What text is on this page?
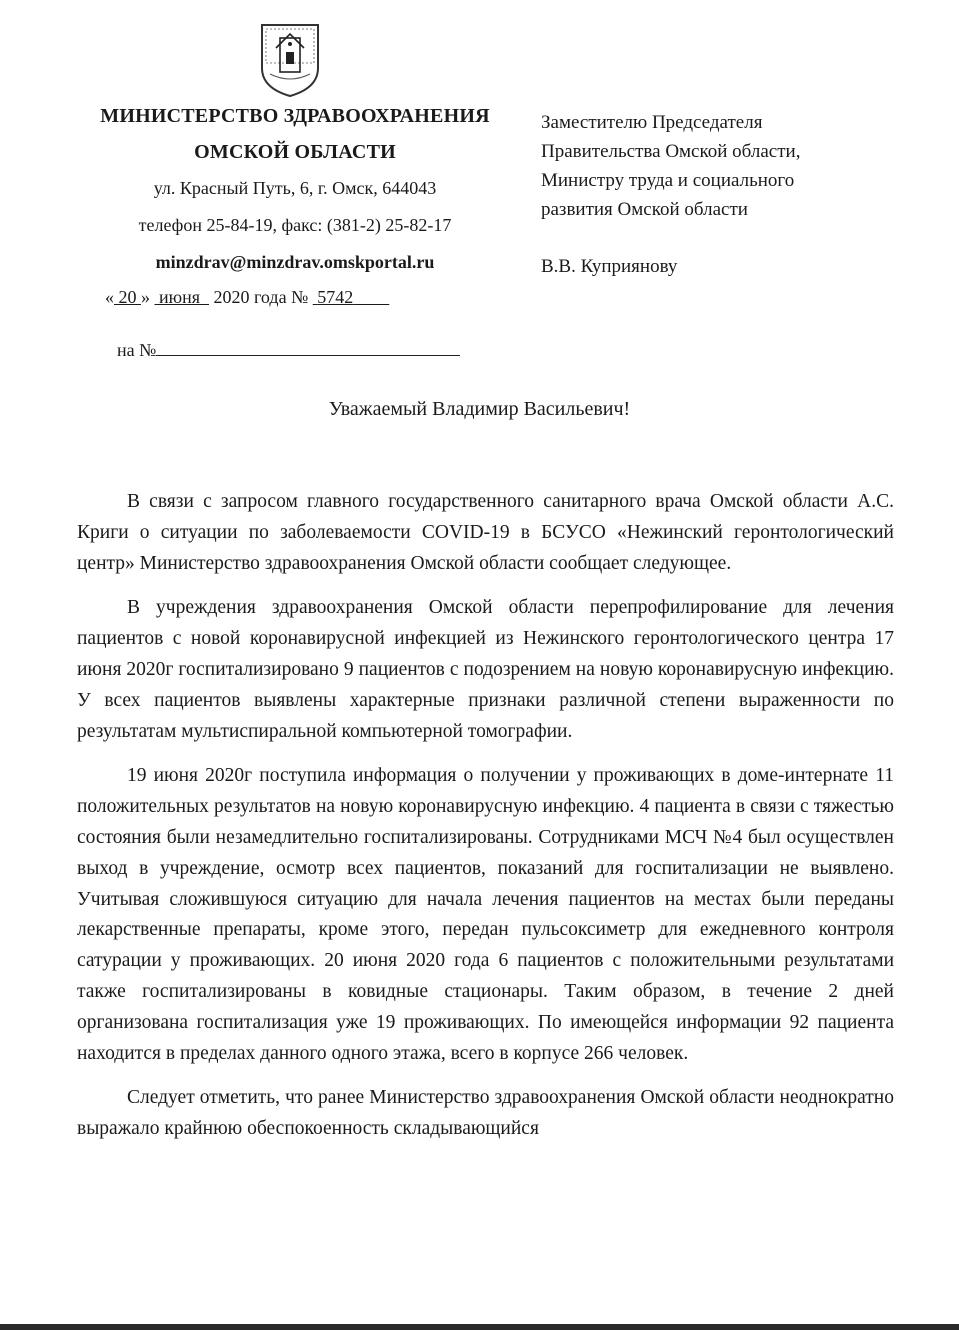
МИНИСТЕРСТВО ЗДРАВООХРАНЕНИЯ
ОМСКОЙ ОБЛАСТИ
ул. Красный Путь, 6, г. Омск, 644043
телефон 25-84-19, факс: (381-2) 25-82-17
minzdrav@minzdrav.omskportal.ru
« 20 » июня 2020 года № 5742
на №
Заместителю Председателя
Правительства Омской области,
Министру труда и социального
развития Омской области
В.В. Куприянову
Уважаемый Владимир Васильевич!

В связи с запросом главного государственного санитарного врача Омской области А.С. Криги о ситуации по заболеваемости COVID-19 в БСУСО «Нежинский геронтологический центр» Министерство здравоохранения Омской области сообщает следующее.

В учреждения здравоохранения Омской области перепрофилирование для лечения пациентов с новой коронавирусной инфекцией из Нежинского геронтологического центра 17 июня 2020г госпитализировано 9 пациентов с подозрением на новую коронавирусную инфекцию. У всех пациентов выявлены характерные признаки различной степени выраженности по результатам мультиспиральной компьютерной томографии.

19 июня 2020г поступила информация о получении у проживающих в доме-интернате 11 положительных результатов на новую коронавирусную инфекцию. 4 пациента в связи с тяжестью состояния были незамедлительно госпитализированы. Сотрудниками МСЧ №4 был осуществлен выход в учреждение, осмотр всех пациентов, показаний для госпитализации не выявлено. Учитывая сложившуюся ситуацию для начала лечения пациентов на местах были переданы лекарственные препараты, кроме этого, передан пульсоксиметр для ежедневного контроля сатурации у проживающих. 20 июня 2020 года 6 пациентов с положительными результатами также госпитализированы в ковидные стационары. Таким образом, в течение 2 дней организована госпитализация уже 19 проживающих. По имеющейся информации 92 пациента находится в пределах данного одного этажа, всего в корпусе 266 человек.

Следует отметить, что ранее Министерство здравоохранения Омской области неоднократно выражало крайнюю обеспокоенность складывающийся
